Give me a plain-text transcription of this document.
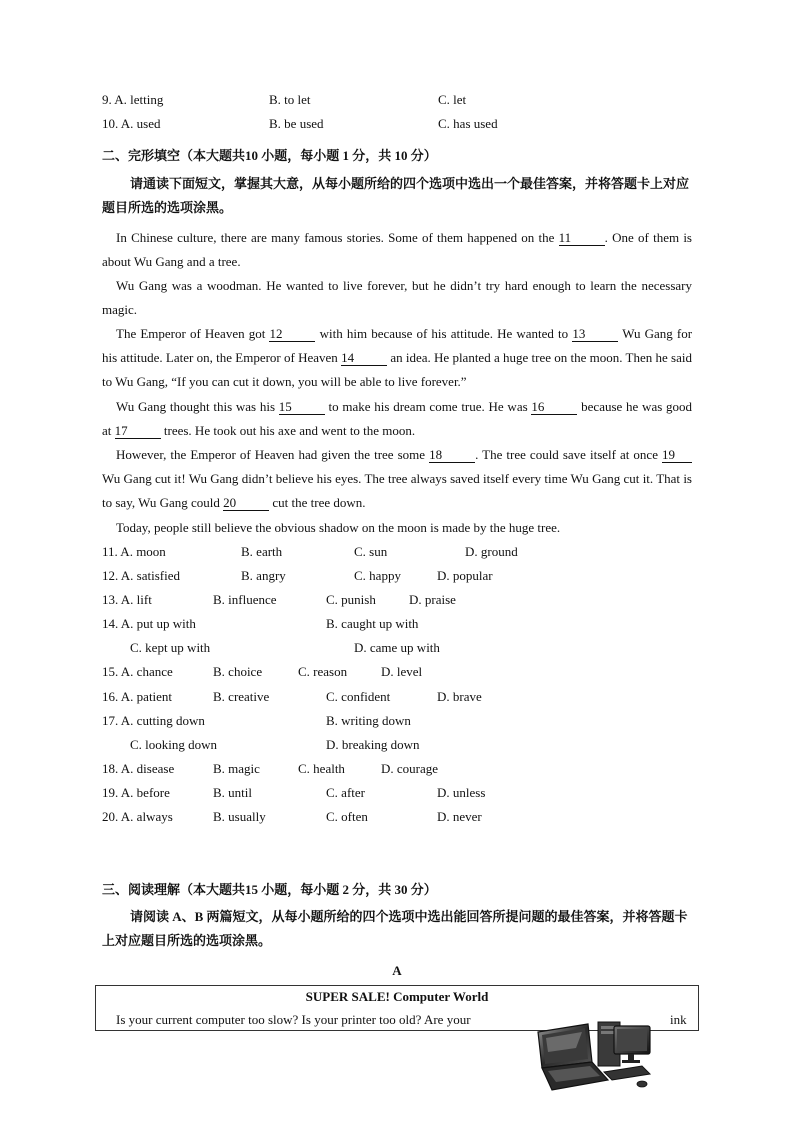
9. A. letting	B. to let	C. let
10. A. used	B. be used	C. has used
二、完形填空（本大题共10 小题，每小题 1 分，共 10 分）
请通读下面短文，掌握其大意，从每小题所给的四个选项中选出一个最佳答案，并将答题卡上对应题目所选的选项涂黑。
In Chinese culture, there are many famous stories. Some of them happened on the 11	. One of them is about Wu Gang and a tree.
Wu Gang was a woodman. He wanted to live forever, but he didn’t try hard enough to learn the necessary magic.
The Emperor of Heaven got 12	with him because of his attitude. He wanted to 13	Wu Gang for his attitude. Later on, the Emperor of Heaven 14	an idea. He planted a huge tree on the moon. Then he said to Wu Gang, “If you can cut it down, you will be able to live forever.”
Wu Gang thought this was his 15	to make his dream come true. He was 16	because he was good at 17	trees. He took out his axe and went to the moon.
However, the Emperor of Heaven had given the tree some 18	. The tree could save itself at once 19 Wu Gang cut it! Wu Gang didn’t believe his eyes. The tree always saved itself every time Wu Gang cut it. That is to say, Wu Gang could 20	cut the tree down.
Today, people still believe the obvious shadow on the moon is made by the huge tree.
11. A. moon	B. earth	C. sun	D. ground
12. A. satisfied	B. angry	C. happy	D. popular
13. A. lift	B. influence	C. punish	D. praise
14. A. put up with	B. caught up with
C. kept up with	D. came up with
15. A. chance	B. choice	C. reason	D. level
16. A. patient	B. creative	C. confident	D. brave
17. A. cutting down	B. writing down
C. looking down	D. breaking down
18. A. disease	B. magic	C. health	D. courage
19. A. before	B. until	C. after	D. unless
20. A. always	B. usually	C. often	D. never
三、阅读理解（本大题共15 小题，每小题 2 分，共 30 分）
请阅读 A、B 两篇短文，从每小题所给的四个选项中选出能回答所提问题的最佳答案，并将答题卡上对应题目所选的选项涂黑。
A
SUPER SALE! Computer World
Is your current computer too slow? Is your printer too old? Are your	ink
